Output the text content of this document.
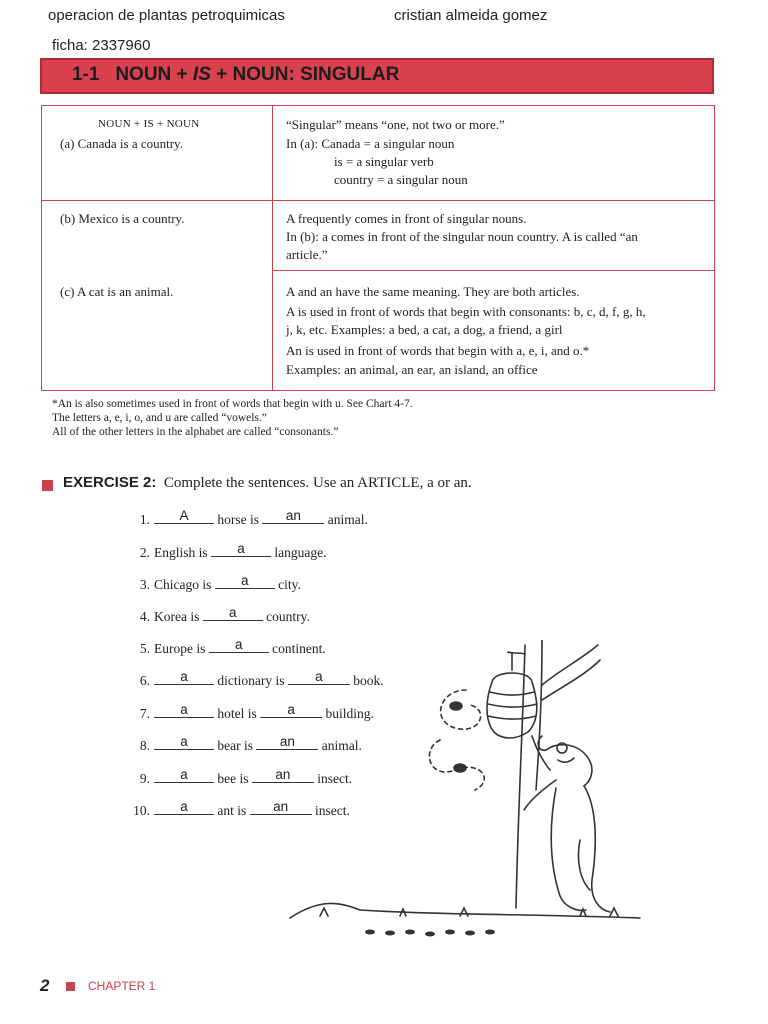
operacion de plantas petroquimicas	cristian almeida gomez
ficha: 2337960
1-1 NOUN + IS + NOUN: SINGULAR
NOUN + IS + NOUN
(a) Canada is a country.
“Singular” means “one, not two or more.”
In (a): Canada = a singular noun
is = a singular verb
country = a singular noun
(b) Mexico is a country.	A frequently comes in front of singular nouns.
In (b): a comes in front of the singular noun country. A is called “an
article.”
(c) A cat is an animal.	A and an have the same meaning. They are both articles.
A is used in front of words that begin with consonants: b, c, d, f, g, h,
j, k, etc. Examples: a bed, a cat, a dog, a friend, a girl
An is used in front of words that begin with a, e, i, and o.*
Examples: an animal, an ear, an island, an office
*An is also sometimes used in front of words that begin with u. See Chart 4-7.
The letters a, e, i, o, and u are called “vowels.”
All of the other letters in the alphabet are called “consonants.”
EXERCISE 2: Complete the sentences. Use an ARTICLE, a or an.
1.	A	horse is	an	animal.
2. English is	a	language.
3. Chicago is	a	city.
4. Korea is	a	country.
5. Europe is	a	continent.
6.	a	dictionary is	a	book.
7.	a	hotel is	a	building.
8.	a	bear is	an	animal.
9.	a	bee is	an	insect.
10.	a	ant is	an	insect.
2	CHAPTER 1
